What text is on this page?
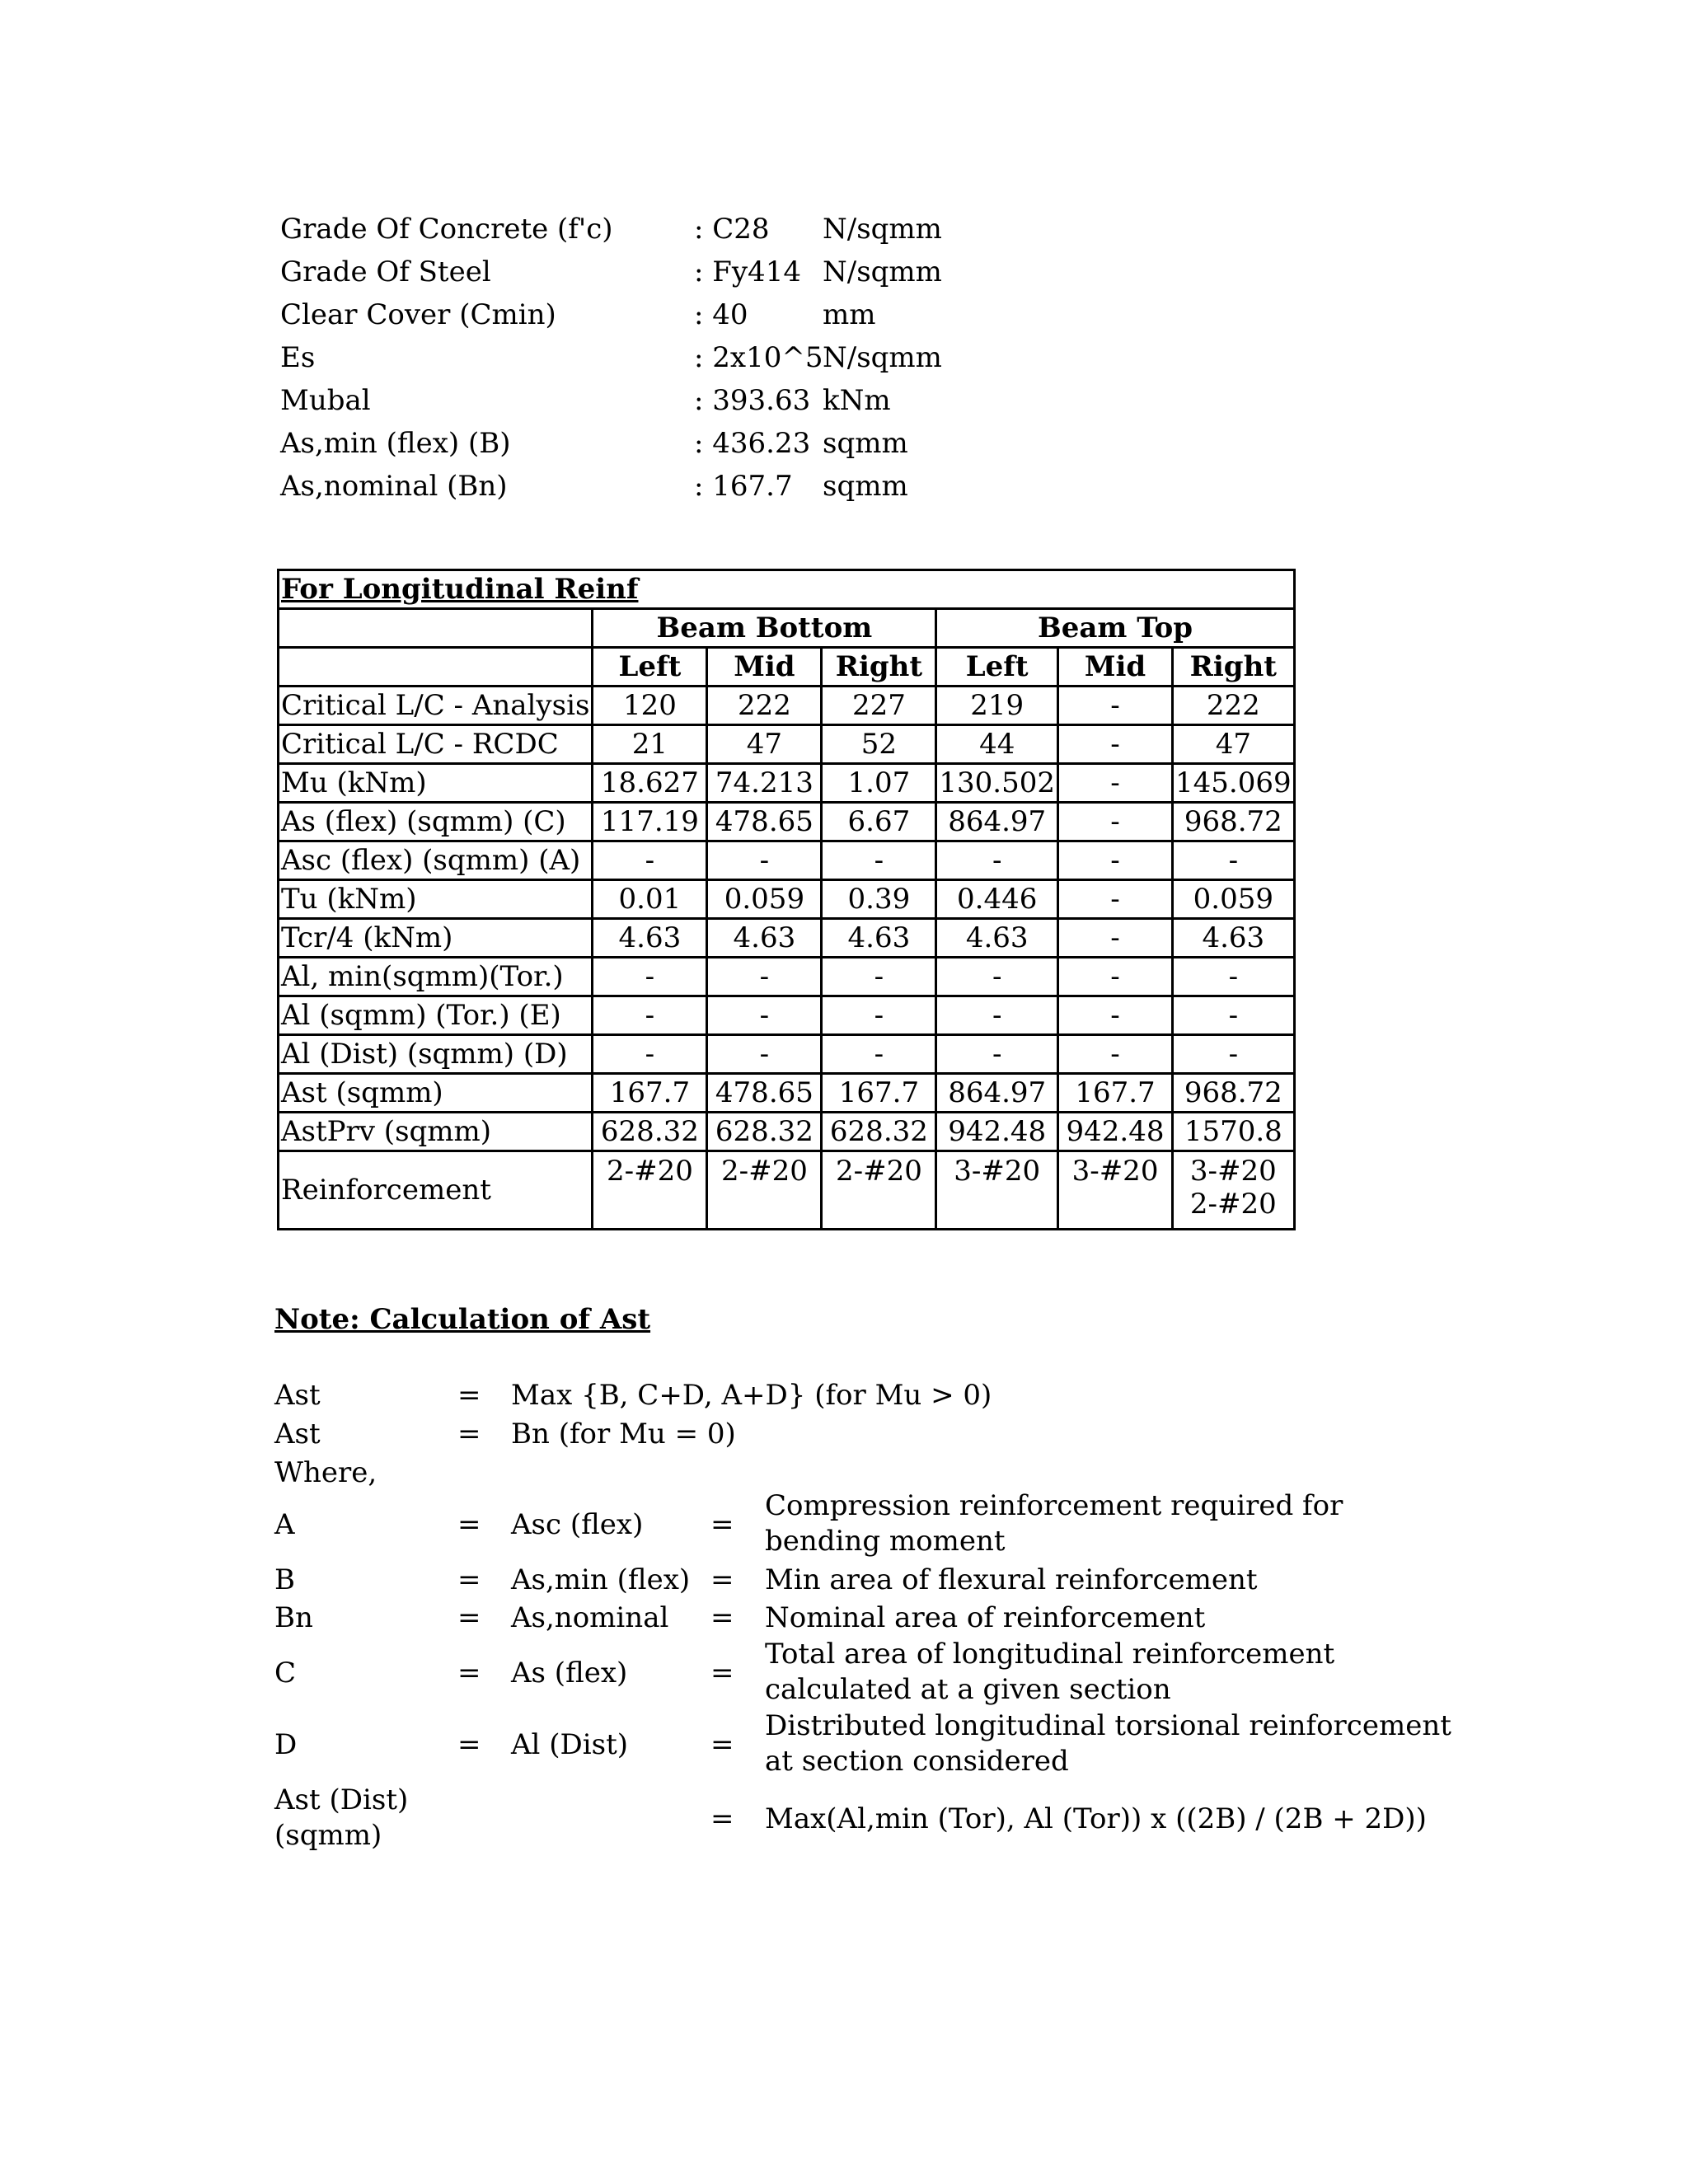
Grade Of Concrete (f'c)	: C28 N/sqmm
Grade Of Steel	: Fy414 N/sqmm
Clear Cover (Cmin)	: 40	mm
Es	: 2x10^5 N/sqmm
Mubal	: 393.63 kNm
As,min (flex) (B)	: 436.23 sqmm
As,nominal (Bn)	: 167.7 sqmm
For Longitudinal Reinf						
	Beam Bottom			Beam Top		
	Left	Mid	Right	Left	Mid	Right
Critical L/C - Analysis	120	222	227	219	-	222
Critical L/C - RCDC	21	47	52	44	-	47
Mu (kNm)	18.627	74.213	1.07	130.502	-	145.069
As (flex) (sqmm) (C)	117.19	478.65	6.67	864.97	-	968.72
Asc (flex) (sqmm) (A)	-	-	-	-	-	-
Tu (kNm)	0.01	0.059	0.39	0.446	-	0.059
Tcr/4 (kNm)	4.63	4.63	4.63	4.63	-	4.63
Al, min(sqmm)(Tor.)	-	-	-	-	-	-
Al (sqmm) (Tor.) (E)	-	-	-	-	-	-
Al (Dist) (sqmm) (D)	-	-	-	-	-	-
Ast (sqmm)	167.7	478.65	167.7	864.97	167.7	968.72
AstPrv (sqmm)	628.32	628.32	628.32	942.48	942.48	1570.8
Reinforcement	2-#20	2-#20	2-#20	3-#20	3-#20	3-#20
2-#20
Note: Calculation of Ast
Ast	= Max {B, C+D, A+D} (for Mu > 0)
Ast	= Bn (for Mu = 0)
Where,
A	= Asc (flex) =
Compression reinforcement required for
bending moment
B	= As,min (flex) = Min area of flexural reinforcement
Bn	= As,nominal = Nominal area of reinforcement
C	= As (flex)	=
Total area of longitudinal reinforcement
calculated at a given section
D	= Al (Dist)	=
Distributed longitudinal torsional reinforcement
at section considered
Ast (Dist)
(sqmm)	= Max(Al,min (Tor), Al (Tor)) x ((2B) / (2B + 2D))
